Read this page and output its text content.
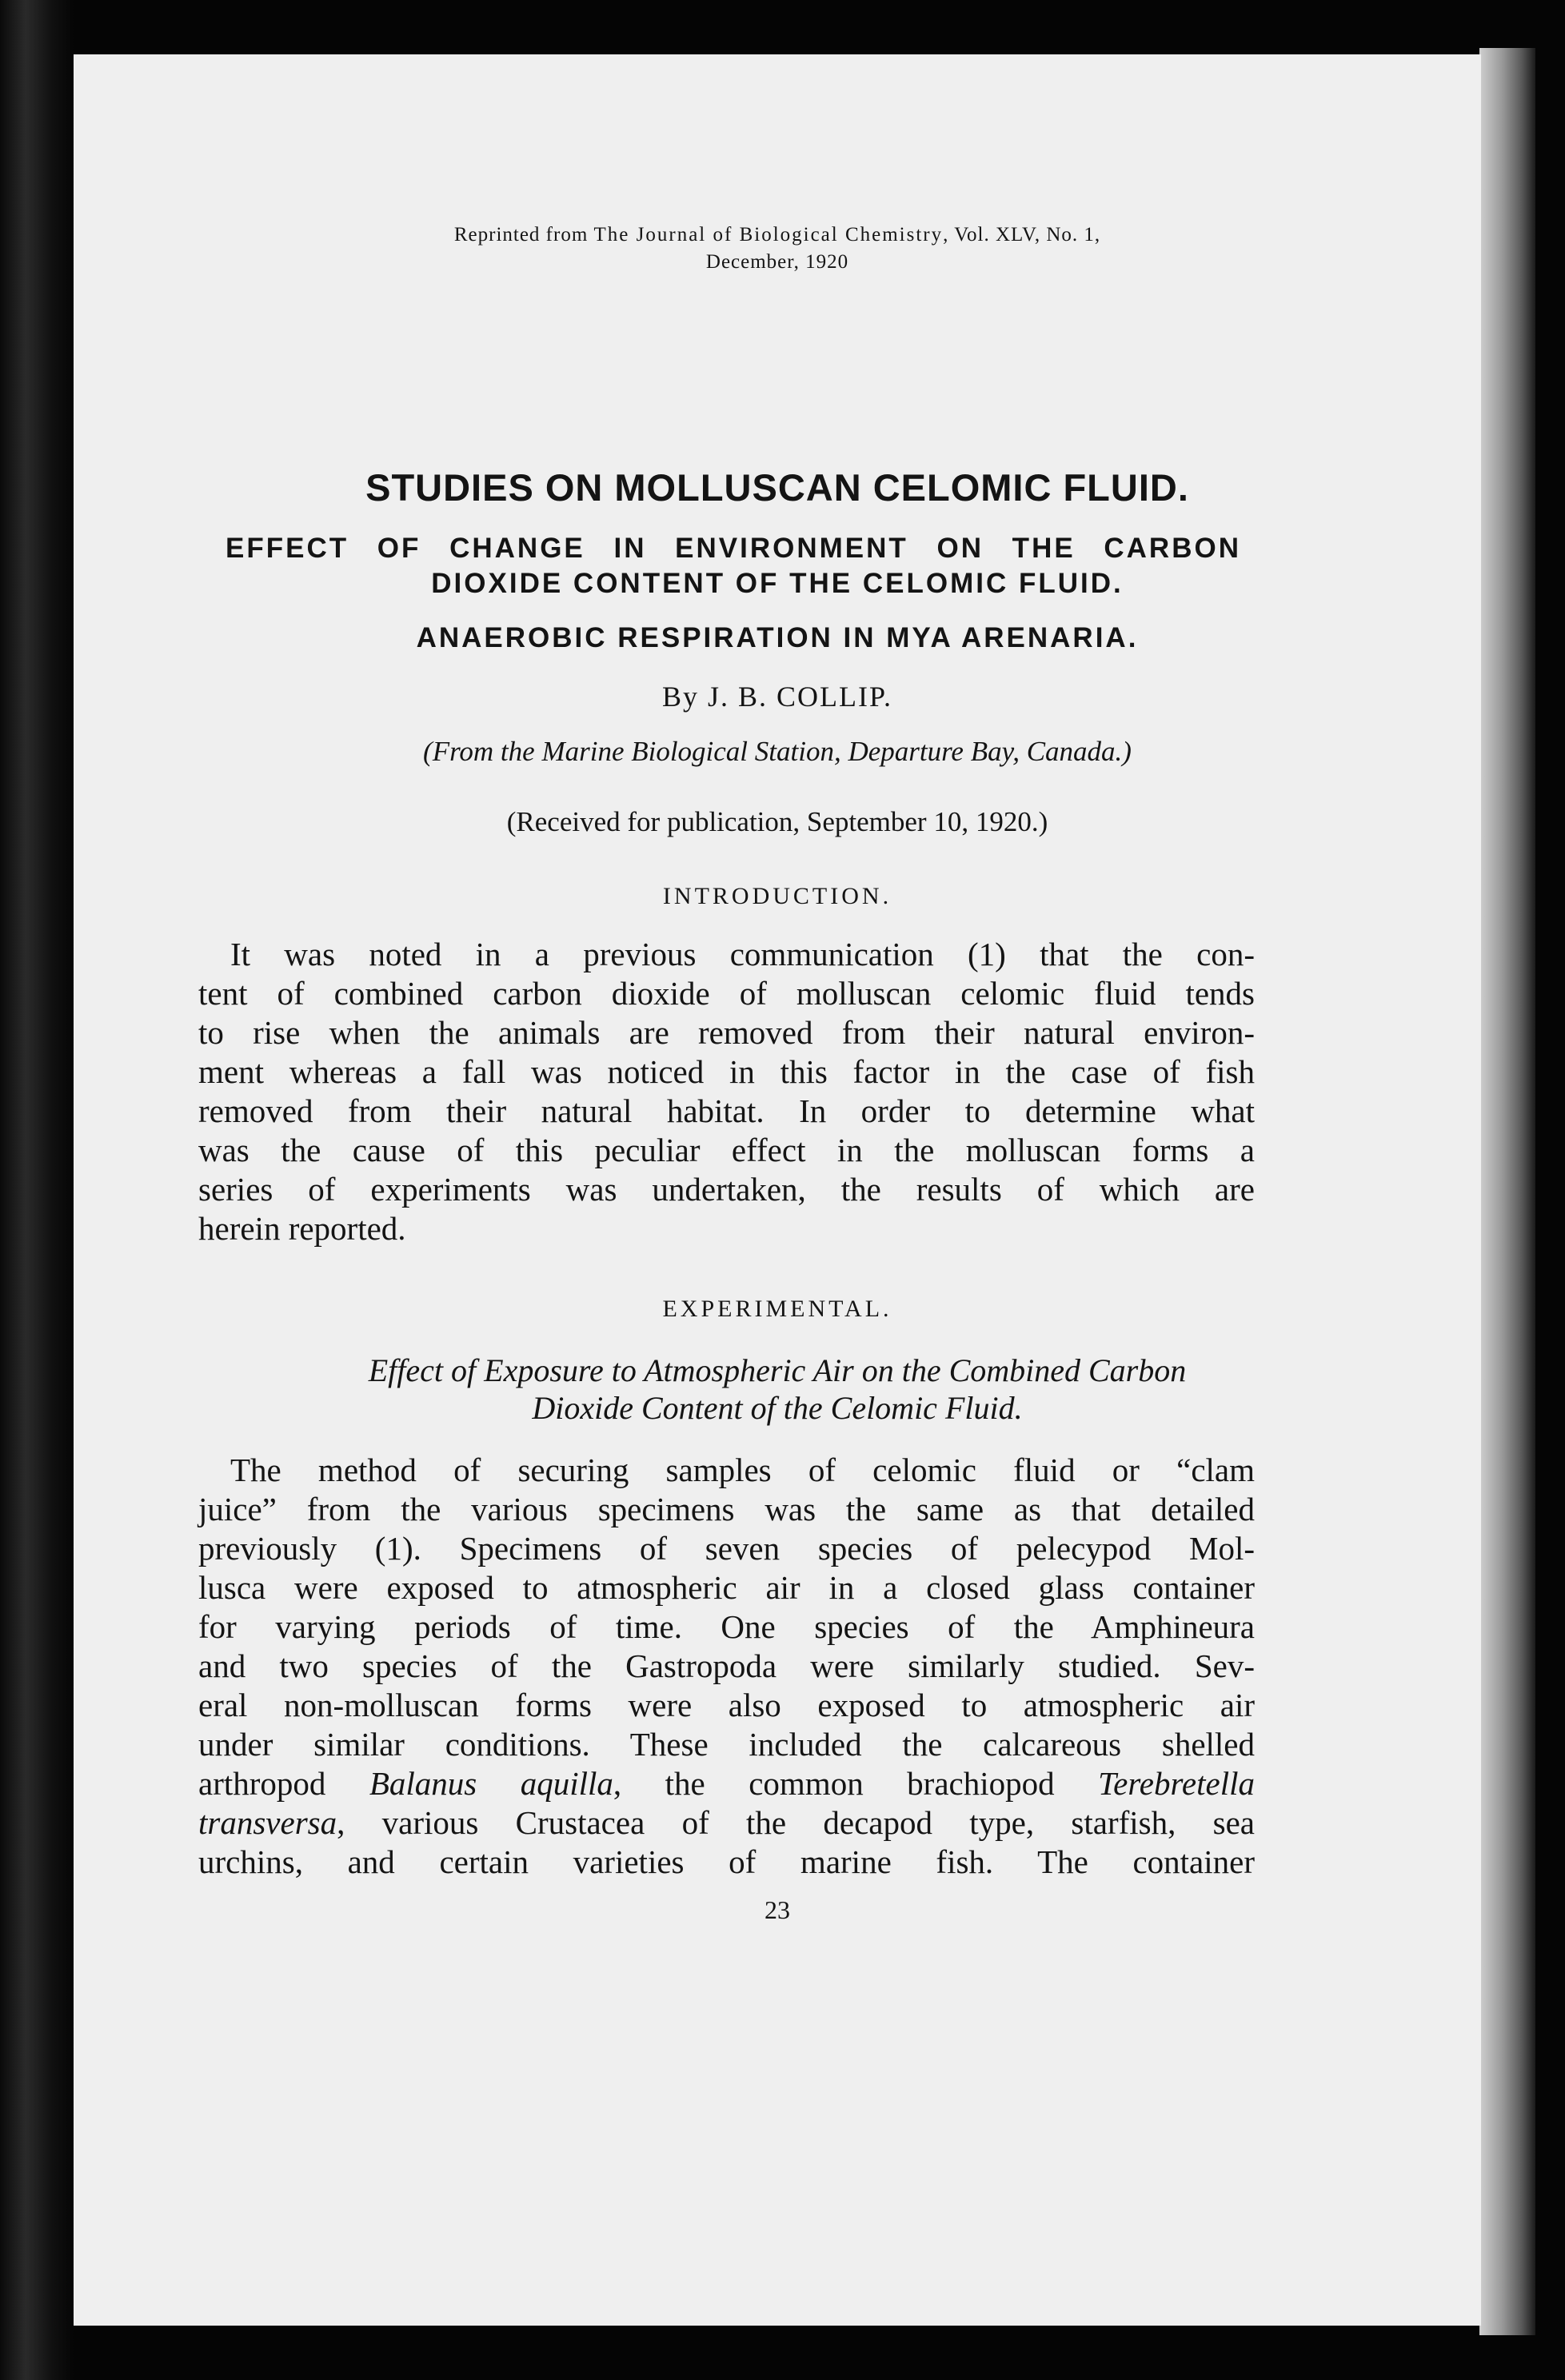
Reprinted from The Journal of Biological Chemistry, Vol. XLV, No. 1,
December, 1920
STUDIES ON MOLLUSCAN CELOMIC FLUID.
EFFECT OF CHANGE IN ENVIRONMENT ON THE CARBON
DIOXIDE CONTENT OF THE CELOMIC FLUID.
ANAEROBIC RESPIRATION IN MYA ARENARIA.
By J. B. COLLIP.
(From the Marine Biological Station, Departure Bay, Canada.)
(Received for publication, September 10, 1920.)
INTRODUCTION.
It was noted in a previous communication (1) that the con-
tent of combined carbon dioxide of molluscan celomic fluid tends
to rise when the animals are removed from their natural environ-
ment whereas a fall was noticed in this factor in the case of fish
removed from their natural habitat. In order to determine what
was the cause of this peculiar effect in the molluscan forms a
series of experiments was undertaken, the results of which are
herein reported.
EXPERIMENTAL.
Effect of Exposure to Atmospheric Air on the Combined Carbon
Dioxide Content of the Celomic Fluid.
The method of securing samples of celomic fluid or “clam
juice” from the various specimens was the same as that detailed
previously (1). Specimens of seven species of pelecypod Mol-
lusca were exposed to atmospheric air in a closed glass container
for varying periods of time. One species of the Amphineura
and two species of the Gastropoda were similarly studied. Sev-
eral non-molluscan forms were also exposed to atmospheric air
under similar conditions. These included the calcareous shelled
arthropod Balanus aquilla, the common brachiopod Terebretella
transversa, various Crustacea of the decapod type, starfish, sea
urchins, and certain varieties of marine fish. The container
23
